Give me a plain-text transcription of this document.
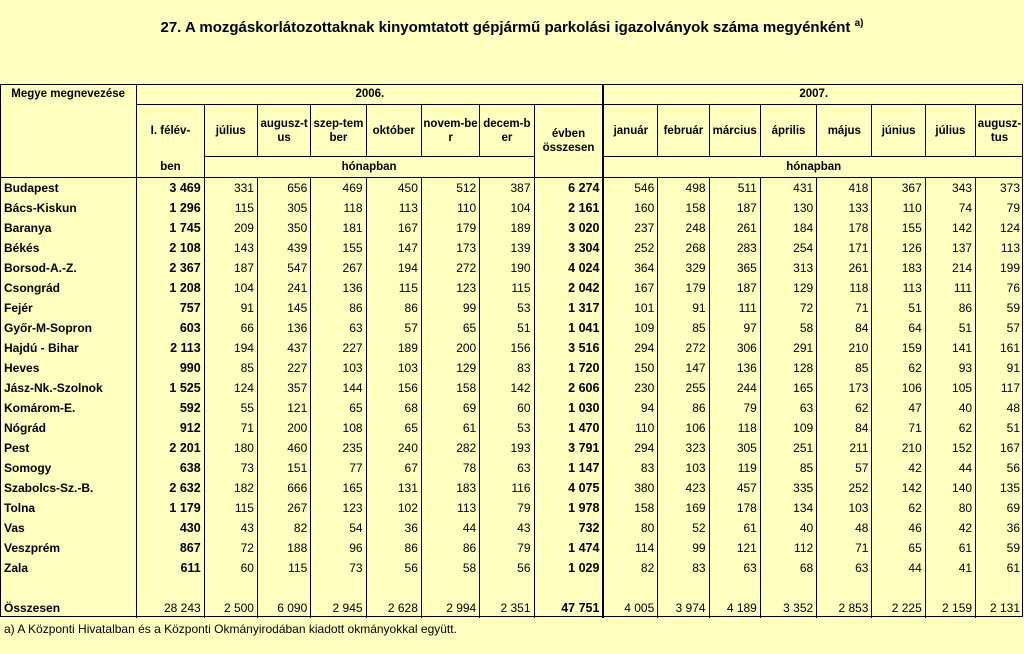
27. A mozgáskorlátozottaknak kinyomtatott gépjármű parkolási igazolványok száma megyénként $^{a)}$
Megye megnevezése	2006.								2007.							
	I. félév-	július	augusz-tus	szep-tember	október	novem-ber	decem-ber	évben összesen	január	február	március	április	május	június	július	augusz-tus
	ben	hónapban							hónapban							
Budapest	3 469	331	656	469	450	512	387	6 274	546	498	511	431	418	367	343	373
Bács-Kiskun	1 296	115	305	118	113	110	104	2 161	160	158	187	130	133	110	74	79
Baranya	1 745	209	350	181	167	179	189	3 020	237	248	261	184	178	155	142	124
Békés	2 108	143	439	155	147	173	139	3 304	252	268	283	254	171	126	137	113
Borsod-A.-Z.	2 367	187	547	267	194	272	190	4 024	364	329	365	313	261	183	214	199
Csongrád	1 208	104	241	136	115	123	115	2 042	167	179	187	129	118	113	111	76
Fejér	757	91	145	86	86	99	53	1 317	101	91	111	72	71	51	86	59
Győr-M-Sopron	603	66	136	63	57	65	51	1 041	109	85	97	58	84	64	51	57
Hajdú - Bihar	2 113	194	437	227	189	200	156	3 516	294	272	306	291	210	159	141	161
Heves	990	85	227	103	103	129	83	1 720	150	147	136	128	85	62	93	91
Jász-Nk.-Szolnok	1 525	124	357	144	156	158	142	2 606	230	255	244	165	173	106	105	117
Komárom-E.	592	55	121	65	68	69	60	1 030	94	86	79	63	62	47	40	48
Nógrád	912	71	200	108	65	61	53	1 470	110	106	118	109	84	71	62	51
Pest	2 201	180	460	235	240	282	193	3 791	294	323	305	251	211	210	152	167
Somogy	638	73	151	77	67	78	63	1 147	83	103	119	85	57	42	44	56
Szabolcs-Sz.-B.	2 632	182	666	165	131	183	116	4 075	380	423	457	335	252	142	140	135
Tolna	1 179	115	267	123	102	113	79	1 978	158	169	178	134	103	62	80	69
Vas	430	43	82	54	36	44	43	732	80	52	61	40	48	46	42	36
Veszprém	867	72	188	96	86	86	79	1 474	114	99	121	112	71	65	61	59
Zala	611	60	115	73	56	58	56	1 029	82	83	63	68	63	44	41	61
Összesen	28 243	2 500	6 090	2 945	2 628	2 994	2 351	47 751	4 005	3 974	4 189	3 352	2 853	2 225	2 159	2 131
a) A Központi Hivatalban és a Központi Okmányirodában kiadott okmányokkal együtt.
